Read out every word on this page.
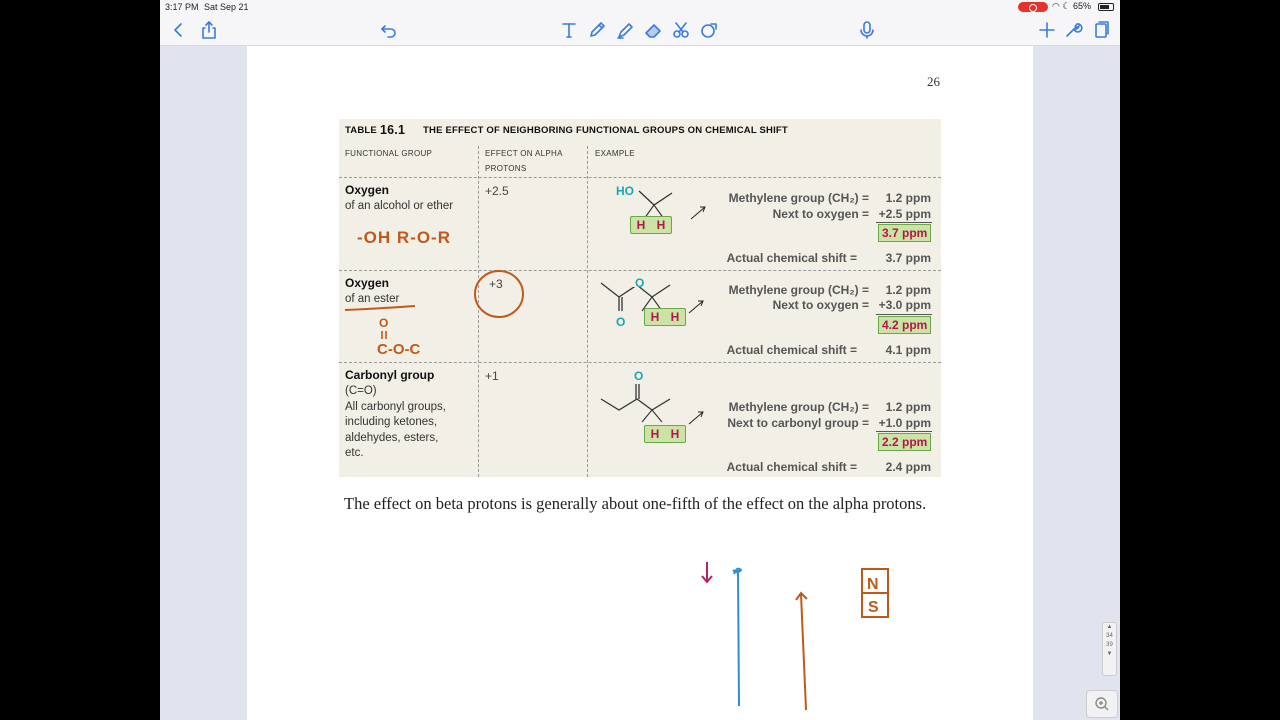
3:17 PM Sat Sep 21	◠ ☾ 65%
26
TABLE 16.1 THE EFFECT OF NEIGHBORING FUNCTIONAL GROUPS ON CHEMICAL SHIFT
FUNCTIONAL GROUP	EFFECT ON ALPHA PROTONS
EXAMPLE
Oxygen
of an alcohol or ether
+2.5	HO
H H
Methylene group (CH₂) = 1.2 ppm
Next to oxygen = +2.5 ppm
3.7 ppm
Actual chemical shift = 3.7 ppm
Oxygen
of an ester
+3	O
O H H
Methylene group (CH₂) = 1.2 ppm
Next to oxygen = +3.0 ppm
4.2 ppm
Actual chemical shift = 4.1 ppm
Carbonyl group
(C=O)
All carbonyl groups,
including ketones,
aldehydes, esters,
etc.
+1	O
H H
Methylene group (CH₂) = 1.2 ppm
Next to carbonyl group = +1.0 ppm
2.2 ppm
Actual chemical shift = 2.4 ppm
The effect on beta protons is generally about one-fifth of the effect on the alpha protons.
-OH R-O-R
O
C-O-C
N
S
▲
34
39
▼
